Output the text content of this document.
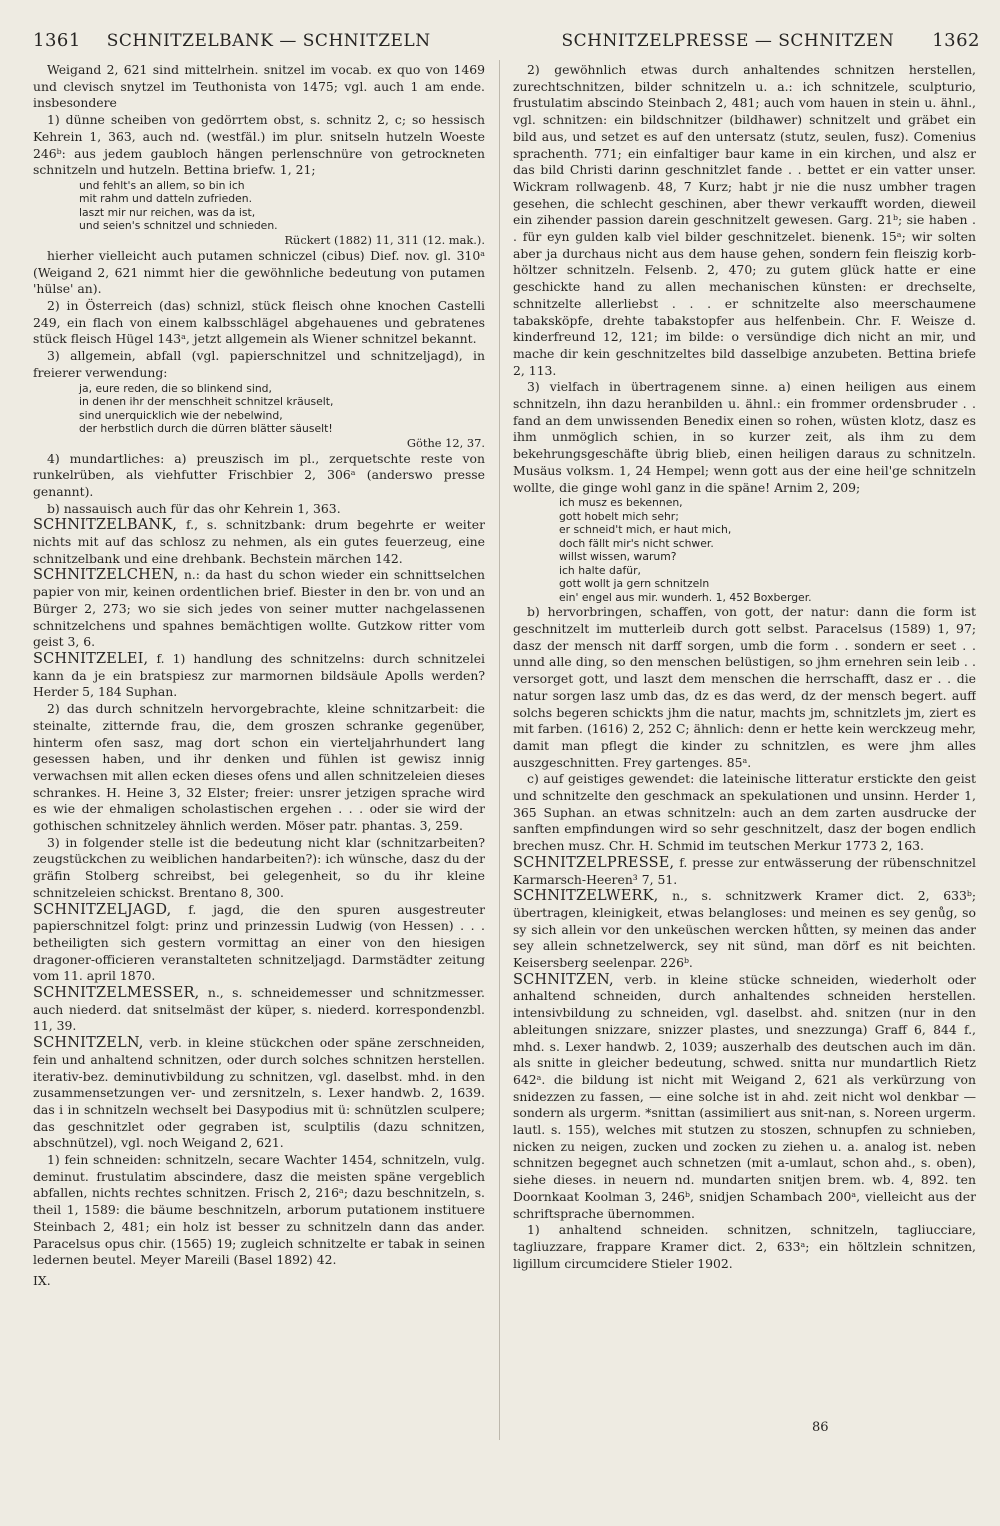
1361 SCHNITZELBANK — SCHNITZELN	SCHNITZELPRESSE — SCHNITZEN 1362

Weigand 2, 621 sind mittelrhein. snitzel im vocab. ex quo von 1469 und clevisch snytzel im Teuthonista von 1475; vgl. auch 1 am ende. insbesondere

1) dünne scheiben von gedörrtem obst, s. schnitz 2, c; so hessisch Kehrein 1, 363, auch nd. (westfäl.) im plur. snitseln hutzeln Woeste 246ᵇ: aus jedem gaubloch hängen perlenschnüre von getrockneten schnitzeln und hutzeln. Bettina briefw. 1, 21;

und fehlt's an allem, so bin ich

mit rahm und datteln zufrieden.

laszt mir nur reichen, was da ist,

und seien's schnitzel und schnieden.

Rückert (1882) 11, 311 (12. mak.).

hierher vielleicht auch putamen schniczel (cibus) Dief. nov. gl. 310ᵃ (Weigand 2, 621 nimmt hier die gewöhnliche bedeutung von putamen 'hülse' an).

2) in Österreich (das) schnizl, stück fleisch ohne knochen Castelli 249, ein flach von einem kalbsschlägel abgehauenes und gebratenes stück fleisch Hügel 143ᵃ, jetzt allgemein als Wiener schnitzel bekannt.

3) allgemein, abfall (vgl. papierschnitzel und schnitzeljagd), in freierer verwendung:

ja, eure reden, die so blinkend sind,

in denen ihr der menschheit schnitzel kräuselt,

sind unerquicklich wie der nebelwind,

der herbstlich durch die dürren blätter säuselt!

Göthe 12, 37.

4) mundartliches: a) preuszisch im pl., zerquetschte reste von runkelrüben, als viehfutter Frischbier 2, 306ᵃ (anderswo presse genannt).

b) nassauisch auch für das ohr Kehrein 1, 363.

SCHNITZELBANK, f., s. schnitzbank: drum begehrte er weiter nichts mit auf das schlosz zu nehmen, als ein gutes feuerzeug, eine schnitzelbank und eine drehbank. Bechstein märchen 142.

SCHNITZELCHEN, n.: da hast du schon wieder ein schnittselchen papier von mir, keinen ordentlichen brief. Biester in den br. von und an Bürger 2, 273; wo sie sich jedes von seiner mutter nachgelassenen schnitzelchens und spahnes bemächtigen wollte. Gutzkow ritter vom geist 3, 6.

SCHNITZELEI, f. 1) handlung des schnitzelns: durch schnitzelei kann da je ein bratspiesz zur marmornen bildsäule Apolls werden? Herder 5, 184 Suphan.

2) das durch schnitzeln hervorgebrachte, kleine schnitzarbeit: die steinalte, zitternde frau, die, dem groszen schranke gegenüber, hinterm ofen sasz, mag dort schon ein vierteljahrhundert lang gesessen haben, und ihr denken und fühlen ist gewisz innig verwachsen mit allen ecken dieses ofens und allen schnitzeleien dieses schrankes. H. Heine 3, 32 Elster; freier: unsrer jetzigen sprache wird es wie der ehmaligen scholastischen ergehen . . . oder sie wird der gothischen schnitzeley ähnlich werden. Möser patr. phantas. 3, 259.

3) in folgender stelle ist die bedeutung nicht klar (schnitzarbeiten? zeugstückchen zu weiblichen handarbeiten?): ich wünsche, dasz du der gräfin Stolberg schreibst, bei gelegenheit, so du ihr kleine schnitzeleien schickst. Brentano 8, 300.

SCHNITZELJAGD, f. jagd, die den spuren ausgestreuter papierschnitzel folgt: prinz und prinzessin Ludwig (von Hessen) . . . betheiligten sich gestern vormittag an einer von den hiesigen dragoner-officieren veranstalteten schnitzeljagd. Darmstädter zeitung vom 11. april 1870.

SCHNITZELMESSER, n., s. schneidemesser und schnitzmesser. auch niederd. dat snitselmäst der küper, s. niederd. korrespondenzbl. 11, 39.

SCHNITZELN, verb. in kleine stückchen oder späne zerschneiden, fein und anhaltend schnitzen, oder durch solches schnitzen herstellen. iterativ-bez. deminutivbildung zu schnitzen, vgl. daselbst. mhd. in den zusammensetzungen ver- und zersnitzeln, s. Lexer handwb. 2, 1639. das i in schnitzeln wechselt bei Dasypodius mit ü: schnützlen sculpere; das geschnitzlet oder gegraben ist, sculptilis (dazu schnitzen, abschnützel), vgl. noch Weigand 2, 621.

1) fein schneiden: schnitzeln, secare Wachter 1454, schnitzeln, vulg. deminut. frustulatim abscindere, dasz die meisten späne vergeblich abfallen, nichts rechtes schnitzen. Frisch 2, 216ᵃ; dazu beschnitzeln, s. theil 1, 1589: die bäume beschnitzeln, arborum putationem instituere Steinbach 2, 481; ein holz ist besser zu schnitzeln dann das ander. Paracelsus opus chir. (1565) 19; zugleich schnitzelte er tabak in seinen ledernen beutel. Meyer Mareili (Basel 1892) 42.

IX.

2) gewöhnlich etwas durch anhaltendes schnitzen herstellen, zurechtschnitzen, bilder schnitzeln u. a.: ich schnitzele, sculpturio, frustulatim abscindo Steinbach 2, 481; auch vom hauen in stein u. ähnl., vgl. schnitzen: ein bildschnitzer (bildhawer) schnitzelt und gräbet ein bild aus, und setzet es auf den untersatz (stutz, seulen, fusz). Comenius sprachenth. 771; ein einfaltiger baur kame in ein kirchen, und alsz er das bild Christi darinn geschnitzlet fande . . bettet er ein vatter unser. Wickram rollwagenb. 48, 7 Kurz; habt jr nie die nusz umbher tragen gesehen, die schlecht geschinen, aber thewr verkaufft worden, dieweil ein zihender passion darein geschnitzelt gewesen. Garg. 21ᵇ; sie haben . . für eyn gulden kalb viel bilder geschnitzelet. bienenk. 15ᵃ; wir solten aber ja durchaus nicht aus dem hause gehen, sondern fein fleiszig korb-höltzer schnitzeln. Felsenb. 2, 470; zu gutem glück hatte er eine geschickte hand zu allen mechanischen künsten: er drechselte, schnitzelte allerliebst . . . er schnitzelte also meerschaumene tabaksköpfe, drehte tabakstopfer aus helfenbein. Chr. F. Weisze d. kinderfreund 12, 121; im bilde: o versündige dich nicht an mir, und mache dir kein geschnitzeltes bild dasselbige anzubeten. Bettina briefe 2, 113.

3) vielfach in übertragenem sinne. a) einen heiligen aus einem schnitzeln, ihn dazu heranbilden u. ähnl.: ein frommer ordensbruder . . fand an dem unwissenden Benedix einen so rohen, wüsten klotz, dasz es ihm unmöglich schien, in so kurzer zeit, als ihm zu dem bekehrungsgeschäfte übrig blieb, einen heiligen daraus zu schnitzeln. Musäus volksm. 1, 24 Hempel; wenn gott aus der eine heil'ge schnitzeln wollte, die ginge wohl ganz in die späne! Arnim 2, 209;

ich musz es bekennen,

gott hobelt mich sehr;

er schneid't mich, er haut mich,

doch fällt mir's nicht schwer.

willst wissen, warum?

ich halte dafür,

gott wollt ja gern schnitzeln

ein' engel aus mir. wunderh. 1, 452 Boxberger.

b) hervorbringen, schaffen, von gott, der natur: dann die form ist geschnitzelt im mutterleib durch gott selbst. Paracelsus (1589) 1, 97; dasz der mensch nit darff sorgen, umb die form . . sondern er seet . . unnd alle ding, so den menschen belüstigen, so jhm ernehren sein leib . . versorget gott, und laszt dem menschen die herrschafft, dasz er . . die natur sorgen lasz umb das, dz es das werd, dz der mensch begert. auff solchs begeren schickts jhm die natur, machts jm, schnitzlets jm, ziert es mit farben. (1616) 2, 252 C; ähnlich: denn er hette kein werckzeug mehr, damit man pflegt die kinder zu schnitzlen, es were jhm alles auszgeschnitten. Frey gartenges. 85ᵃ.

c) auf geistiges gewendet: die lateinische litteratur erstickte den geist und schnitzelte den geschmack an spekulationen und unsinn. Herder 1, 365 Suphan. an etwas schnitzeln: auch an dem zarten ausdrucke der sanften empfindungen wird so sehr geschnitzelt, dasz der bogen endlich brechen musz. Chr. H. Schmid im teutschen Merkur 1773 2, 163.

SCHNITZELPRESSE, f. presse zur entwässerung der rübenschnitzel Karmarsch-Heeren³ 7, 51.

SCHNITZELWERK, n., s. schnitzwerk Kramer dict. 2, 633ᵇ; übertragen, kleinigkeit, etwas belangloses: und meinen es sey genůg, so sy sich allein vor den unkeüschen wercken hůtten, sy meinen das ander sey allein schnetzelwerck, sey nit sünd, man dörf es nit beichten. Keisersberg seelenpar. 226ᵇ.

SCHNITZEN, verb. in kleine stücke schneiden, wiederholt oder anhaltend schneiden, durch anhaltendes schneiden herstellen. intensivbildung zu schneiden, vgl. daselbst. ahd. snitzen (nur in den ableitungen snizzare, snizzer plastes, und snezzunga) Graff 6, 844 f., mhd. s. Lexer handwb. 2, 1039; auszerhalb des deutschen auch im dän. als snitte in gleicher bedeutung, schwed. snitta nur mundartlich Rietz 642ᵃ. die bildung ist nicht mit Weigand 2, 621 als verkürzung von snidezzen zu fassen, — eine solche ist in ahd. zeit nicht wol denkbar — sondern als urgerm. *snittan (assimiliert aus snit-nan, s. Noreen urgerm. lautl. s. 155), welches mit stutzen zu stoszen, schnupfen zu schnieben, nicken zu neigen, zucken und zocken zu ziehen u. a. analog ist. neben schnitzen begegnet auch schnetzen (mit a-umlaut, schon ahd., s. oben), siehe dieses. in neuern nd. mundarten snitjen brem. wb. 4, 892. ten Doornkaat Koolman 3, 246ᵇ, snidjen Schambach 200ᵃ, vielleicht aus der schriftsprache übernommen.

1) anhaltend schneiden. schnitzen, schnitzeln, tagliucciare, tagliuzzare, frappare Kramer dict. 2, 633ᵃ; ein höltzlein schnitzen, ligillum circumcidere Stieler 1902.

86
